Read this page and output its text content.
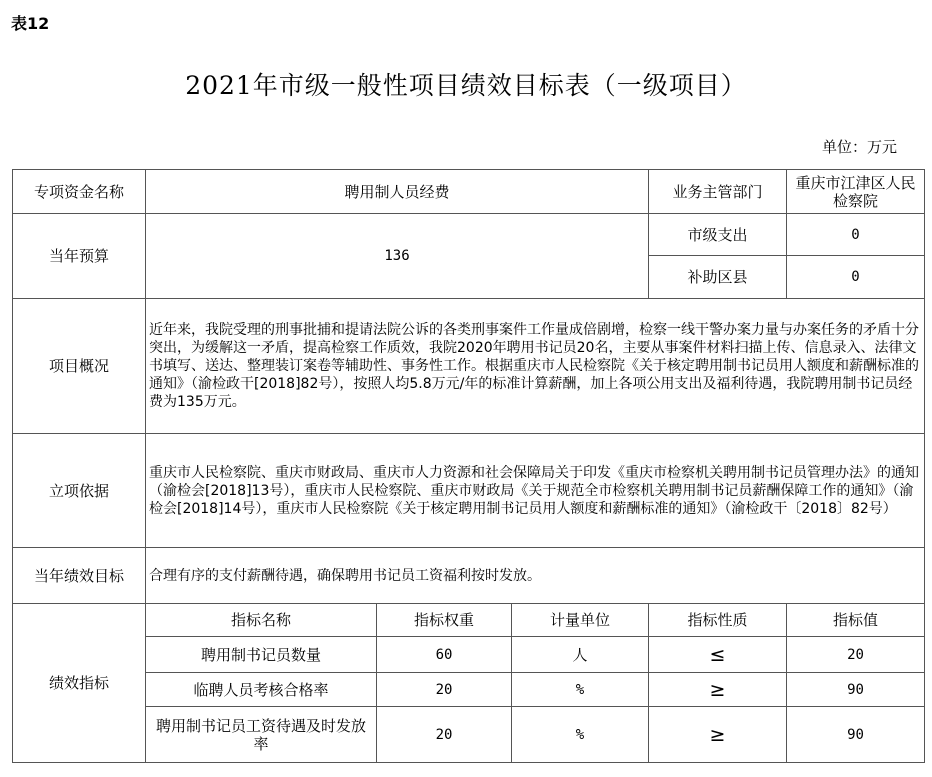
表12
2021年市级一般性项目绩效目标表（一级项目）
单位：万元
专项资金名称	聘用制人员经费			业务主管部门	重庆市江津区人民检察院
当年预算	136			市级支出	0
				补助区县	0
项目概况	近年来，我院受理的刑事批捕和提请法院公诉的各类刑事案件工作量成倍剧增，检察一线干警办案力量与办案任务的矛盾十分突出，为缓解这一矛盾，提高检察工作质效，我院2020年聘用书记员20名，主要从事案件材料扫描上传、信息录入、法律文书填写、送达、整理装订案卷等辅助性、事务性工作。根据重庆市人民检察院《关于核定聘用制书记员用人额度和薪酬标准的通知》（渝检政干[2018]82号），按照人均5.8万元/年的标准计算薪酬，加上各项公用支出及福利待遇，我院聘用制书记员经费为135万元。				
立项依据	重庆市人民检察院、重庆市财政局、重庆市人力资源和社会保障局关于印发《重庆市检察机关聘用制书记员管理办法》的通知（渝检会[2018]13号），重庆市人民检察院、重庆市财政局《关于规范全市检察机关聘用制书记员薪酬保障工作的通知》（渝检会[2018]14号），重庆市人民检察院《关于核定聘用制书记员用人额度和薪酬标准的通知》（渝检政干〔2018〕82号）				
当年绩效目标	合理有序的支付薪酬待遇，确保聘用书记员工资福利按时发放。				
绩效指标	指标名称	指标权重	计量单位	指标性质	指标值
	聘用制书记员数量	60	人	≤	20
	临聘人员考核合格率	20	%	≥	90
	聘用制书记员工资待遇及时发放率	20	%	≥	90
